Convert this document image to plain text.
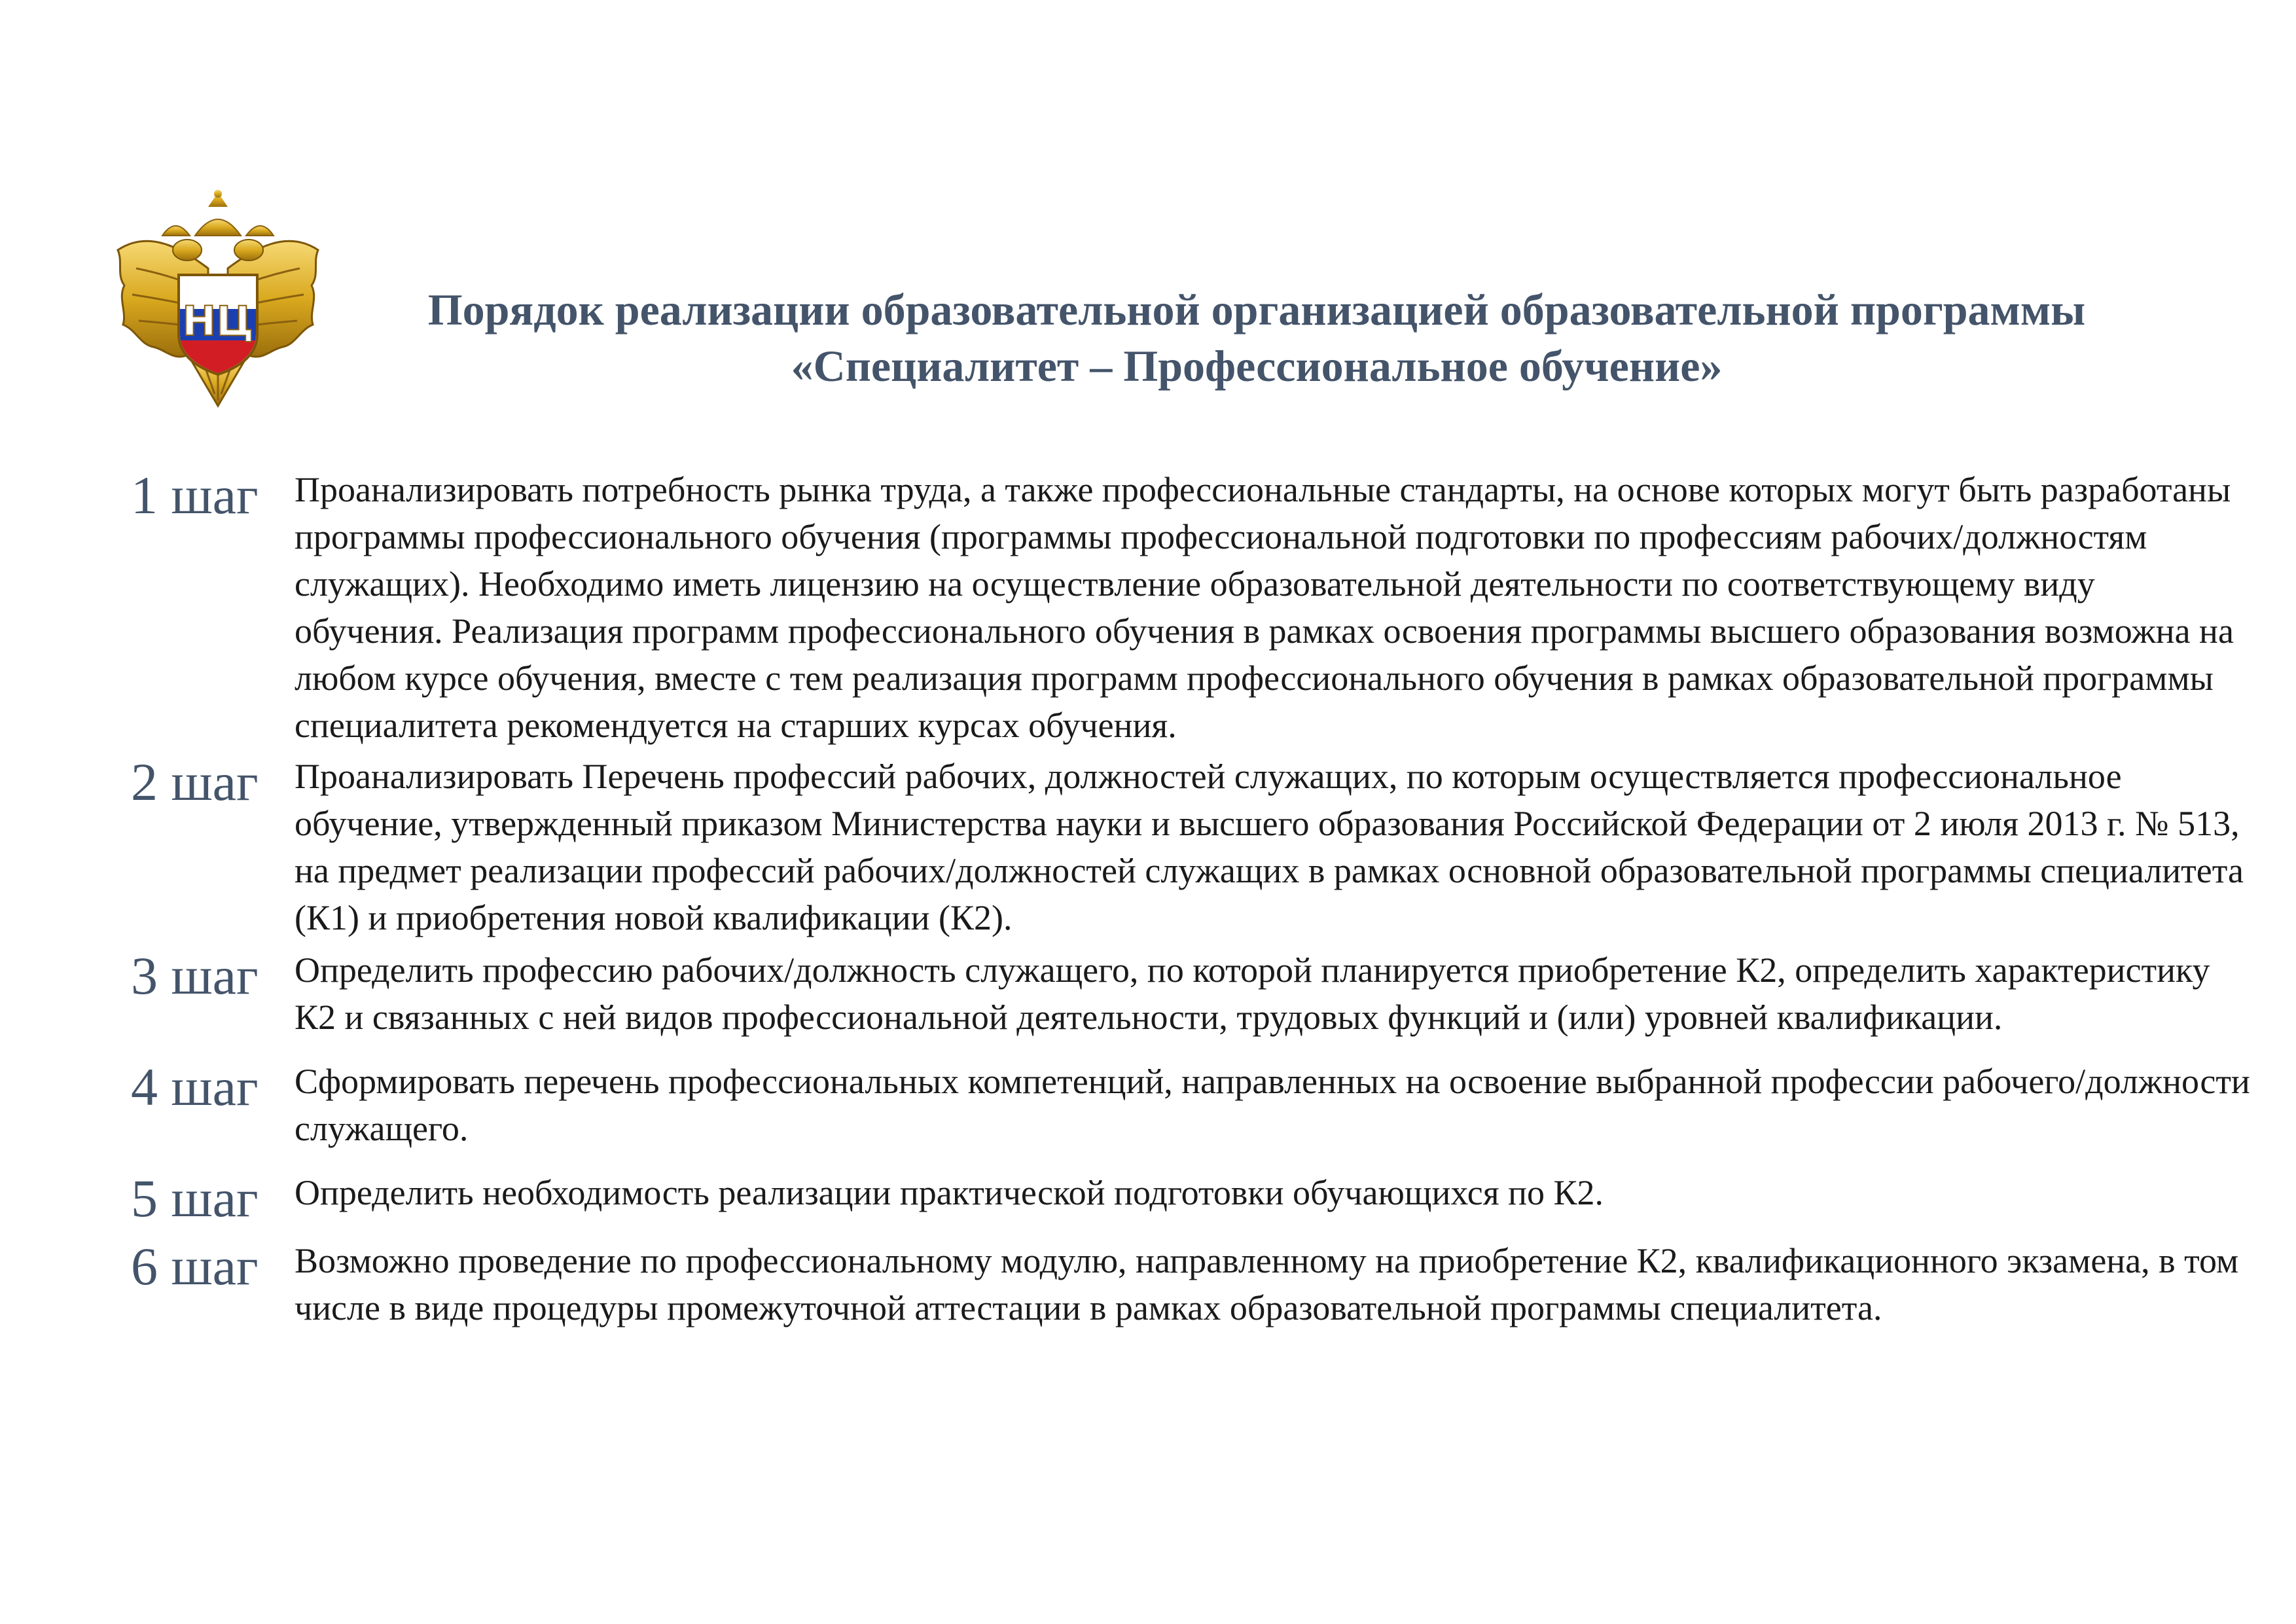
НЦ	Порядок реализации образовательной организацией образовательной программы
«Специалитет – Профессиональное обучение»
1 шаг	Проанализировать потребность рынка труда, а также профессиональные стандарты, на основе которых могут быть разработаны программы профессионального обучения (программы профессиональной подготовки по профессиям рабочих/должностям служащих). Необходимо иметь лицензию на осуществление образовательной деятельности по соответствующему виду обучения. Реализация программ профессионального обучения в рамках освоения программы высшего образования возможна на любом курсе обучения, вместе с тем реализация программ профессионального обучения в рамках образовательной программы специалитета рекомендуется на старших курсах обучения.
2 шаг	Проанализировать Перечень профессий рабочих, должностей служащих, по которым осуществляется профессиональное обучение, утвержденный приказом Министерства науки и высшего образования Российской Федерации от 2 июля 2013 г. № 513, на предмет реализации профессий рабочих/должностей служащих в рамках основной образовательной программы специалитета (К1) и приобретения новой квалификации (К2).
3 шаг	Определить профессию рабочих/должность служащего, по которой планируется приобретение К2, определить характеристику К2 и связанных с ней видов профессиональной деятельности, трудовых функций и (или) уровней квалификации.
4 шаг	Сформировать перечень профессиональных компетенций, направленных на освоение выбранной профессии рабочего/должности служащего.
5 шаг	Определить необходимость реализации практической подготовки обучающихся по К2.
6 шаг	Возможно проведение по профессиональному модулю, направленному на приобретение К2, квалификационного экзамена, в том числе в виде процедуры промежуточной аттестации в рамках образовательной программы специалитета.
